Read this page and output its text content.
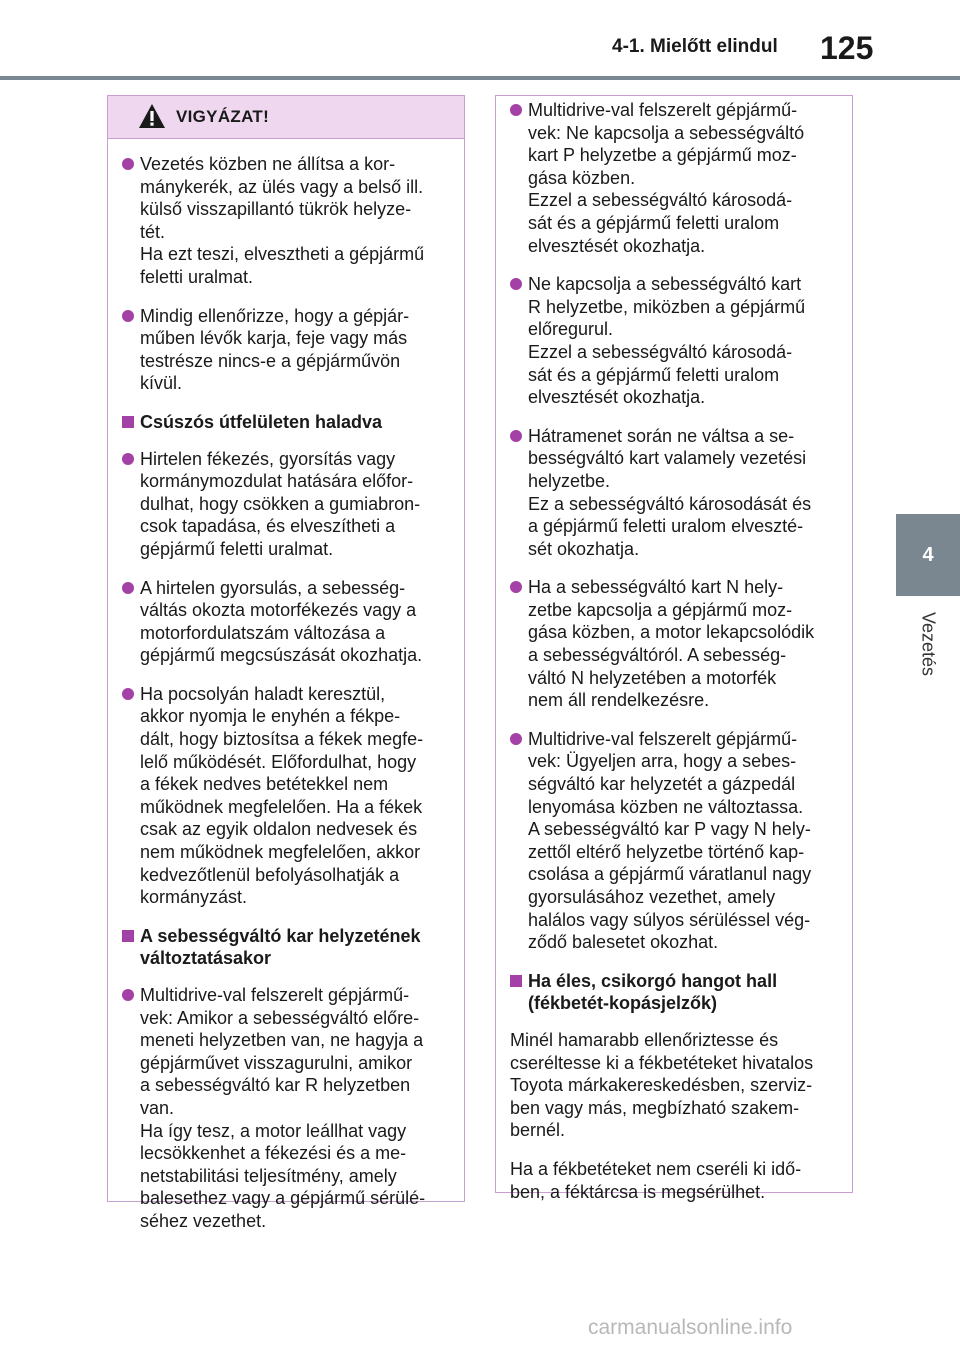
4-1. Mielőtt elindul 125
4
Vezetés
VIGYÁZAT!
Vezetés közben ne állítsa a kor-
mánykerék, az ülés vagy a belső ill.
külső visszapillantó tükrök helyze-
tét.
Ha ezt teszi, elvesztheti a gépjármű
feletti uralmat.
Mindig ellenőrizze, hogy a gépjár-
műben lévők karja, feje vagy más
testrésze nincs-e a gépjárművön
kívül.
Csúszós útfelületen haladva
Hirtelen fékezés, gyorsítás vagy
kormánymozdulat hatására előfor-
dulhat, hogy csökken a gumiabron-
csok tapadása, és elveszítheti a
gépjármű feletti uralmat.
A hirtelen gyorsulás, a sebesség-
váltás okozta motorfékezés vagy a
motorfordulatszám változása a
gépjármű megcsúszását okozhatja.
Ha pocsolyán haladt keresztül,
akkor nyomja le enyhén a fékpe-
dált, hogy biztosítsa a fékek megfe-
lelő működését. Előfordulhat, hogy
a fékek nedves betétekkel nem
működnek megfelelően. Ha a fékek
csak az egyik oldalon nedvesek és
nem működnek megfelelően, akkor
kedvezőtlenül befolyásolhatják a
kormányzást.
A sebességváltó kar helyzetének
változtatásakor
Multidrive-val felszerelt gépjármű-
vek: Amikor a sebességváltó előre-
meneti helyzetben van, ne hagyja a
gépjárművet visszagurulni, amikor
a sebességváltó kar R helyzetben
van.
Ha így tesz, a motor leállhat vagy
lecsökkenhet a fékezési és a me-
netstabilitási teljesítmény, amely
balesethez vagy a gépjármű sérülé-
séhez vezethet.
Multidrive-val felszerelt gépjármű-
vek: Ne kapcsolja a sebességváltó
kart P helyzetbe a gépjármű moz-
gása közben.
Ezzel a sebességváltó károsodá-
sát és a gépjármű feletti uralom
elvesztését okozhatja.
Ne kapcsolja a sebességváltó kart
R helyzetbe, miközben a gépjármű
előregurul.
Ezzel a sebességváltó károsodá-
sát és a gépjármű feletti uralom
elvesztését okozhatja.
Hátramenet során ne váltsa a se-
bességváltó kart valamely vezetési
helyzetbe.
Ez a sebességváltó károsodását és
a gépjármű feletti uralom elveszté-
sét okozhatja.
Ha a sebességváltó kart N hely-
zetbe kapcsolja a gépjármű moz-
gása közben, a motor lekapcsolódik
a sebességváltóról. A sebesség-
váltó N helyzetében a motorfék
nem áll rendelkezésre.
Multidrive-val felszerelt gépjármű-
vek: Ügyeljen arra, hogy a sebes-
ségváltó kar helyzetét a gázpedál
lenyomása közben ne változtassa.
A sebességváltó kar P vagy N hely-
zettől eltérő helyzetbe történő kap-
csolása a gépjármű váratlanul nagy
gyorsulásához vezethet, amely
halálos vagy súlyos sérüléssel vég-
ződő balesetet okozhat.
Ha éles, csikorgó hangot hall
(fékbetét-kopásjelzők)
Minél hamarabb ellenőriztesse és
cseréltesse ki a fékbetéteket hivatalos
Toyota márkakereskedésben, szerviz-
ben vagy más, megbízható szakem-
bernél.
Ha a fékbetéteket nem cseréli ki idő-
ben, a féktárcsa is megsérülhet.
carmanualsonline.info
